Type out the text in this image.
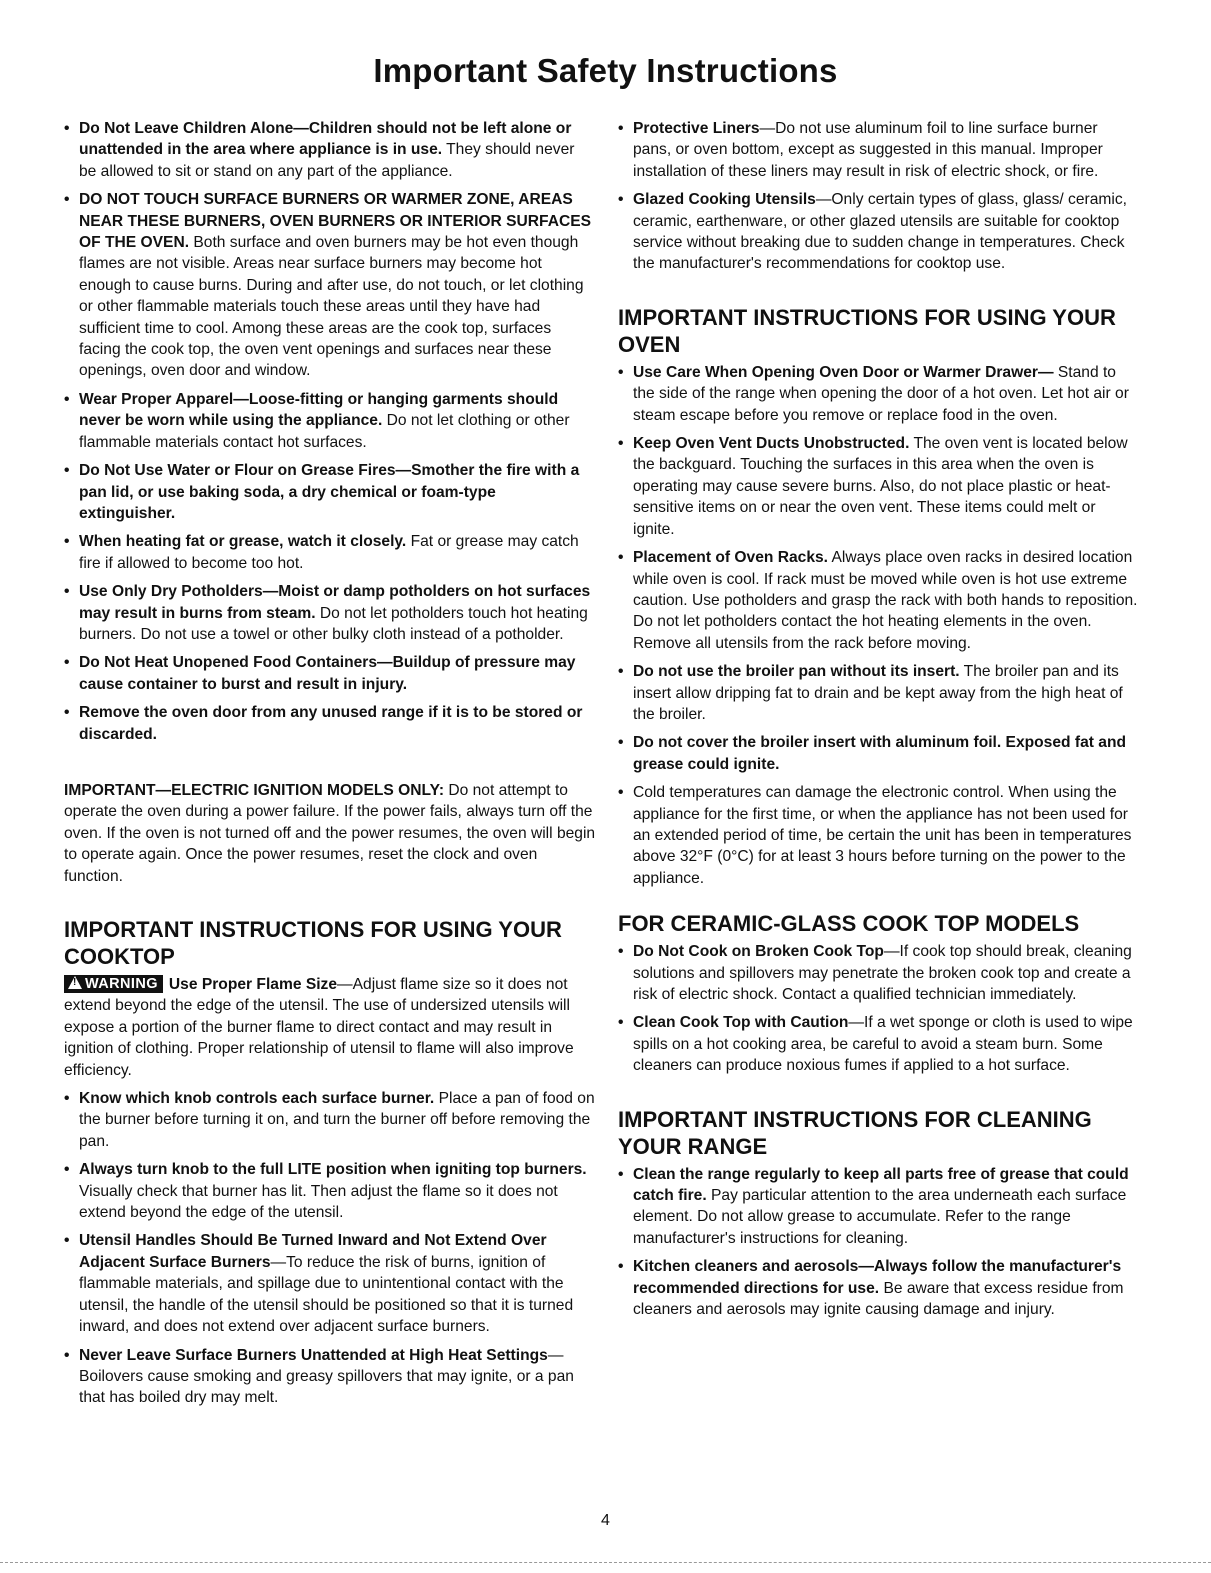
Important Safety Instructions
• Do Not Leave Children Alone—Children should not be left alone or unattended in the area where appliance is in use. They should never be allowed to sit or stand on any part of the appliance.
• DO NOT TOUCH SURFACE BURNERS OR WARMER ZONE, AREAS NEAR THESE BURNERS, OVEN BURNERS OR INTERIOR SURFACES OF THE OVEN. Both surface and oven burners may be hot even though flames are not visible. Areas near surface burners may become hot enough to cause burns. During and after use, do not touch, or let clothing or other flammable materials touch these areas until they have had sufficient time to cool. Among these areas are the cook top, surfaces facing the cook top, the oven vent openings and surfaces near these openings, oven door and window.
• Wear Proper Apparel—Loose-fitting or hanging garments should never be worn while using the appliance. Do not let clothing or other flammable materials contact hot surfaces.
• Do Not Use Water or Flour on Grease Fires—Smother the fire with a pan lid, or use baking soda, a dry chemical or foam-type extinguisher.
• When heating fat or grease, watch it closely. Fat or grease may catch fire if allowed to become too hot.
• Use Only Dry Potholders—Moist or damp potholders on hot surfaces may result in burns from steam. Do not let potholders touch hot heating burners. Do not use a towel or other bulky cloth instead of a potholder.
• Do Not Heat Unopened Food Containers—Buildup of pressure may cause container to burst and result in injury.
• Remove the oven door from any unused range if it is to be stored or discarded.

IMPORTANT—ELECTRIC IGNITION MODELS ONLY: Do not attempt to operate the oven during a power failure. If the power fails, always turn off the oven. If the oven is not turned off and the power resumes, the oven will begin to operate again. Once the power resumes, reset the clock and oven function.

IMPORTANT INSTRUCTIONS FOR USING YOUR COOKTOP

!WARNING Use Proper Flame Size—Adjust flame size so it does not extend beyond the edge of the utensil. The use of undersized utensils will expose a portion of the burner flame to direct contact and may result in ignition of clothing. Proper relationship of utensil to flame will also improve efficiency.

• Know which knob controls each surface burner. Place a pan of food on the burner before turning it on, and turn the burner off before removing the pan.
• Always turn knob to the full LITE position when igniting top burners. Visually check that burner has lit. Then adjust the flame so it does not extend beyond the edge of the utensil.
• Utensil Handles Should Be Turned Inward and Not Extend Over Adjacent Surface Burners—To reduce the risk of burns, ignition of flammable materials, and spillage due to unintentional contact with the utensil, the handle of the utensil should be positioned so that it is turned inward, and does not extend over adjacent surface burners.
• Never Leave Surface Burners Unattended at High Heat Settings—Boilovers cause smoking and greasy spillovers that may ignite, or a pan that has boiled dry may melt.
• Protective Liners—Do not use aluminum foil to line surface burner pans, or oven bottom, except as suggested in this manual. Improper installation of these liners may result in risk of electric shock, or fire.
• Glazed Cooking Utensils—Only certain types of glass, glass/ ceramic, ceramic, earthenware, or other glazed utensils are suitable for cooktop service without breaking due to sudden change in temperatures. Check the manufacturer's recommendations for cooktop use.
IMPORTANT INSTRUCTIONS FOR USING YOUR OVEN
• Use Care When Opening Oven Door or Warmer Drawer— Stand to the side of the range when opening the door of a hot oven. Let hot air or steam escape before you remove or replace food in the oven.
• Keep Oven Vent Ducts Unobstructed. The oven vent is located below the backguard. Touching the surfaces in this area when the oven is operating may cause severe burns. Also, do not place plastic or heat-sensitive items on or near the oven vent. These items could melt or ignite.
• Placement of Oven Racks. Always place oven racks in desired location while oven is cool. If rack must be moved while oven is hot use extreme caution. Use potholders and grasp the rack with both hands to reposition. Do not let potholders contact the hot heating elements in the oven. Remove all utensils from the rack before moving.
• Do not use the broiler pan without its insert. The broiler pan and its insert allow dripping fat to drain and be kept away from the high heat of the broiler.
• Do not cover the broiler insert with aluminum foil. Exposed fat and grease could ignite.
• Cold temperatures can damage the electronic control. When using the appliance for the first time, or when the appliance has not been used for an extended period of time, be certain the unit has been in temperatures above 32°F (0°C) for at least 3 hours before turning on the power to the appliance.
FOR CERAMIC-GLASS COOK TOP MODELS
• Do Not Cook on Broken Cook Top—If cook top should break, cleaning solutions and spillovers may penetrate the broken cook top and create a risk of electric shock. Contact a qualified technician immediately.
• Clean Cook Top with Caution—If a wet sponge or cloth is used to wipe spills on a hot cooking area, be careful to avoid a steam burn. Some cleaners can produce noxious fumes if applied to a hot surface.
IMPORTANT INSTRUCTIONS FOR CLEANING YOUR RANGE
• Clean the range regularly to keep all parts free of grease that could catch fire. Pay particular attention to the area underneath each surface element. Do not allow grease to accumulate. Refer to the range manufacturer's instructions for cleaning.
• Kitchen cleaners and aerosols—Always follow the manufacturer's recommended directions for use. Be aware that excess residue from cleaners and aerosols may ignite causing damage and injury.
4
